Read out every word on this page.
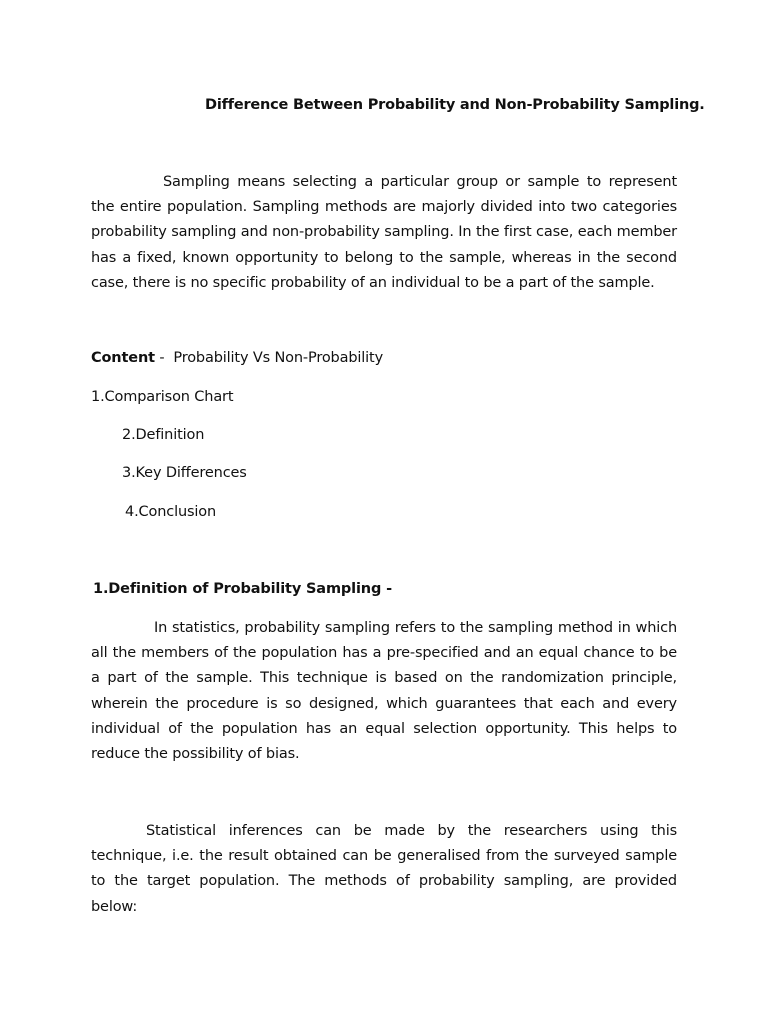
Difference Between Probability and Non-Probability Sampling.

Sampling means selecting a particular group or sample to represent the entire population. Sampling methods are majorly divided into two categories probability sampling and non-probability sampling. In the first case, each member has a fixed, known opportunity to belong to the sample, whereas in the second case, there is no specific probability of an individual to be a part of the sample.

Content -  Probability Vs Non-Probability
1.Comparison Chart
2.Definition
3.Key Differences
4.Conclusion
1.Definition of Probability Sampling -

In statistics, probability sampling refers to the sampling method in which all the members of the population has a pre-specified and an equal chance to be a part of the sample. This technique is based on the randomization principle, wherein the procedure is so designed, which guarantees that each and every individual of the population has an equal selection opportunity. This helps to reduce the possibility of bias.

Statistical inferences can be made by the researchers using this technique, i.e. the result obtained can be generalised from the surveyed sample to the target population. The methods of probability sampling, are provided below:
